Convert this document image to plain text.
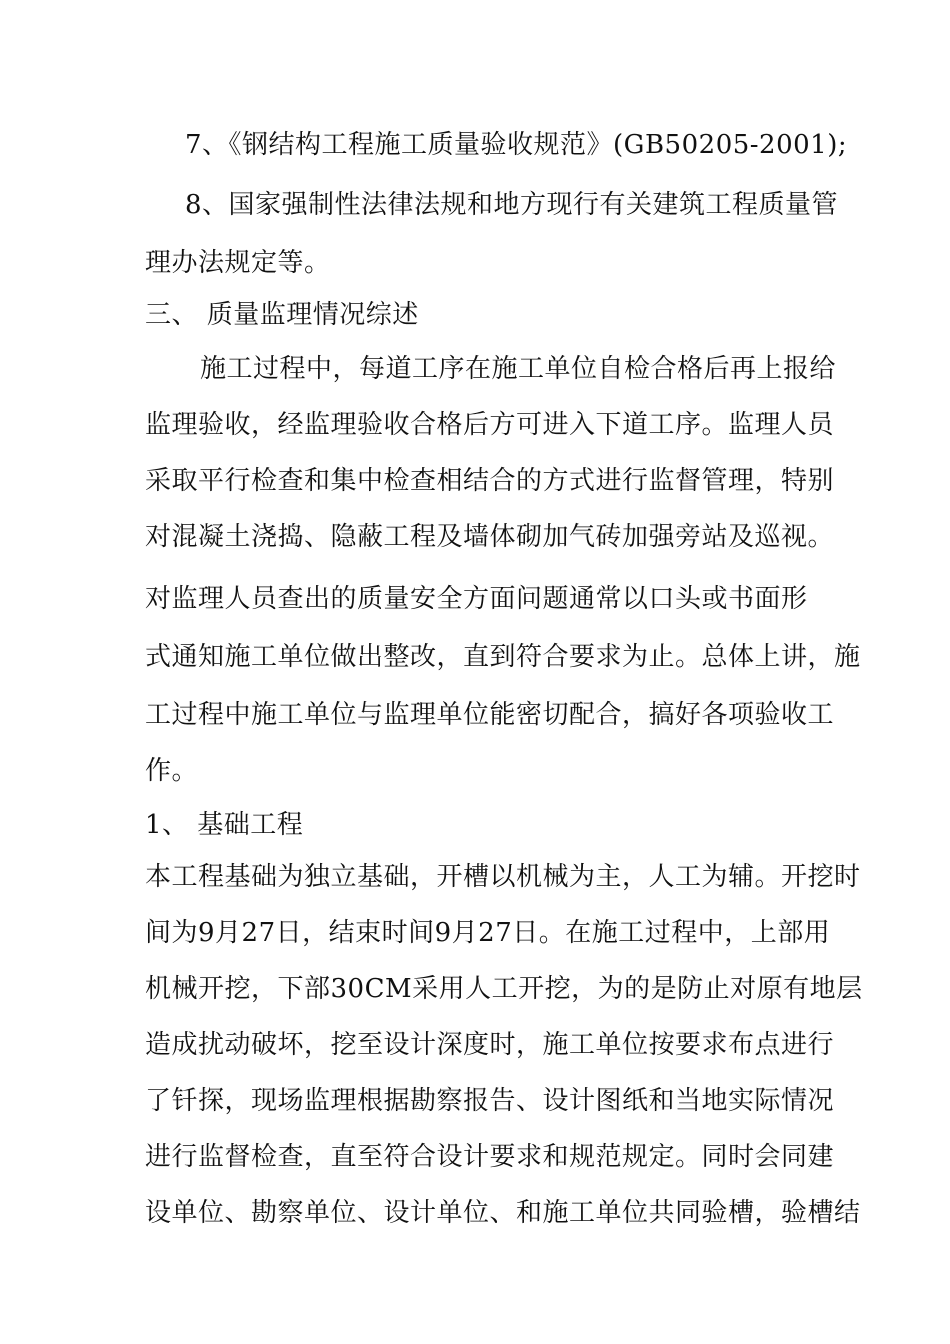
7、《钢结构工程施工质量验收规范》(GB50205-2001);
8、国家强制性法律法规和地方现行有关建筑工程质量管
理办法规定等。
三、 质量监理情况综述
施工过程中，每道工序在施工单位自检合格后再上报给
监理验收，经监理验收合格后方可进入下道工序。监理人员
采取平行检查和集中检查相结合的方式进行监督管理，特别
对混凝土浇捣、隐蔽工程及墙体砌加气砖加强旁站及巡视。
对监理人员查出的质量安全方面问题通常以口头或书面形
式通知施工单位做出整改，直到符合要求为止。总体上讲，施
工过程中施工单位与监理单位能密切配合，搞好各项验收工
作。
1、 基础工程
本工程基础为独立基础，开槽以机械为主，人工为辅。开挖时
间为9月27日，结束时间9月27日。在施工过程中，上部用
机械开挖，下部30CM采用人工开挖，为的是防止对原有地层
造成扰动破坏，挖至设计深度时，施工单位按要求布点进行
了钎探，现场监理根据勘察报告、设计图纸和当地实际情况
进行监督检查，直至符合设计要求和规范规定。同时会同建
设单位、勘察单位、设计单位、和施工单位共同验槽，验槽结
